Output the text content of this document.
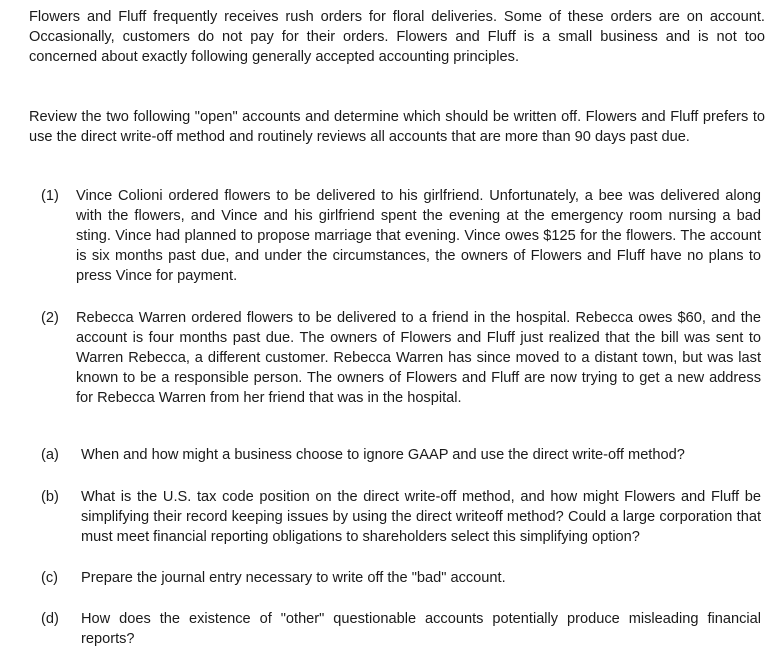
Flowers and Fluff frequently receives rush orders for floral deliveries. Some of these orders are on account. Occasionally, customers do not pay for their orders. Flowers and Fluff is a small business and is not too concerned about exactly following generally accepted accounting principles.

Review the two following "open" accounts and determine which should be written off. Flowers and Fluff prefers to use the direct write-off method and routinely reviews all accounts that are more than 90 days past due.

(1)	Vince Colioni ordered flowers to be delivered to his girlfriend. Unfortunately, a bee was delivered along with the flowers, and Vince and his girlfriend spent the evening at the emergency room nursing a bad sting. Vince had planned to propose marriage that evening. Vince owes $125 for the flowers. The account is six months past due, and under the circumstances, the owners of Flowers and Fluff have no plans to press Vince for payment.
(2)	Rebecca Warren ordered flowers to be delivered to a friend in the hospital. Rebecca owes $60, and the account is four months past due. The owners of Flowers and Fluff just realized that the bill was sent to Warren Rebecca, a different customer. Rebecca Warren has since moved to a distant town, but was last known to be a responsible person. The owners of Flowers and Fluff are now trying to get a new address for Rebecca Warren from her friend that was in the hospital.
(a)	When and how might a business choose to ignore GAAP and use the direct write-off method?
(b)	What is the U.S. tax code position on the direct write-off method, and how might Flowers and Fluff be simplifying their record keeping issues by using the direct writeoff method? Could a large corporation that must meet financial reporting obligations to shareholders select this simplifying option?
(c)	Prepare the journal entry necessary to write off the "bad" account.
(d)	How does the existence of "other" questionable accounts potentially produce misleading financial reports?
